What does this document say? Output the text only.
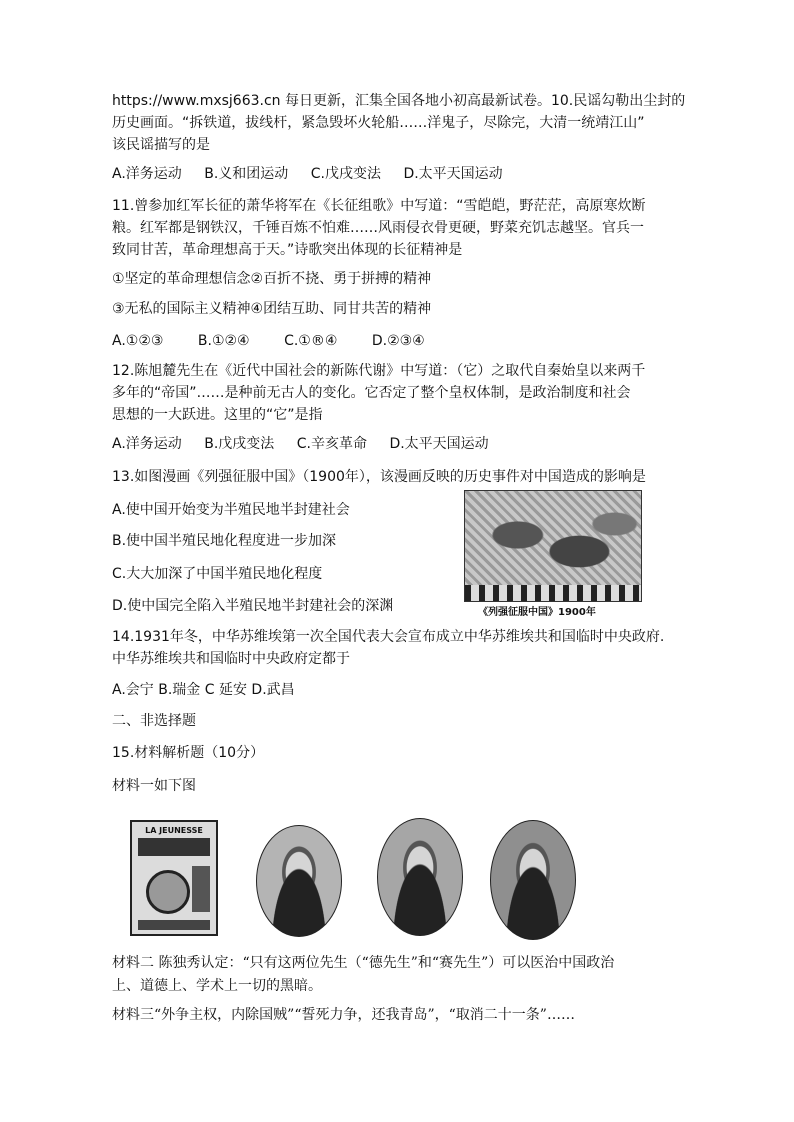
https://www.mxsj663.cn 每日更新，汇集全国各地小初高最新试卷。10.民谣勾勒出尘封的
历史画面。“拆铁道，拔线杆，紧急毁坏火轮船……洋鬼子，尽除完，大清一统靖江山”
该民谣描写的是
A.洋务运动 B.义和团运动 C.戊戌变法 D.太平天国运动
11.曾参加红军长征的萧华将军在《长征组歌》中写道：“雪皑皑，野茫茫，高原寒炊断
粮。红军都是钢铁汉，千锤百炼不怕难……风雨侵衣骨更硬，野菜充饥志越坚。官兵一
致同甘苦，革命理想高于天。”诗歌突出体现的长征精神是
①坚定的革命理想信念②百折不挠、勇于拼搏的精神
③无私的国际主义精神④团结互助、同甘共苦的精神
A.①②③ B.①②④ C.①®④ D.②③④
12.陈旭麓先生在《近代中国社会的新陈代谢》中写道：（它）之取代自秦始皇以来两千
多年的“帝国”……是种前无古人的变化。它否定了整个皇权体制，是政治制度和社会
思想的一大跃进。这里的“它”是指
A.洋务运动 B.戊戌变法 C.辛亥革命 D.太平天国运动
13.如图漫画《列强征服中国》（1900年），该漫画反映的历史事件对中国造成的影响是
A.使中国开始变为半殖民地半封建社会
B.使中国半殖民地化程度进一步加深
C.大大加深了中国半殖民地化程度
D.使中国完全陷入半殖民地半封建社会的深渊	《列强征服中国》1900年
14.1931年冬，中华苏维埃第一次全国代表大会宣布成立中华苏维埃共和国临时中央政府.
中华苏维埃共和国临时中央政府定都于
A.会宁 B.瑞金 C 延安 D.武昌
二、非选择题
15.材料解析题（10分）
材料一如下图
LA JEUNESSE
材料二 陈独秀认定：“只有这两位先生（“德先生”和“赛先生”）可以医治中国政治
上、道德上、学术上一切的黑暗。
材料三“外争主权，内除国贼”“誓死力争，还我青岛”，“取消二十一条”……
